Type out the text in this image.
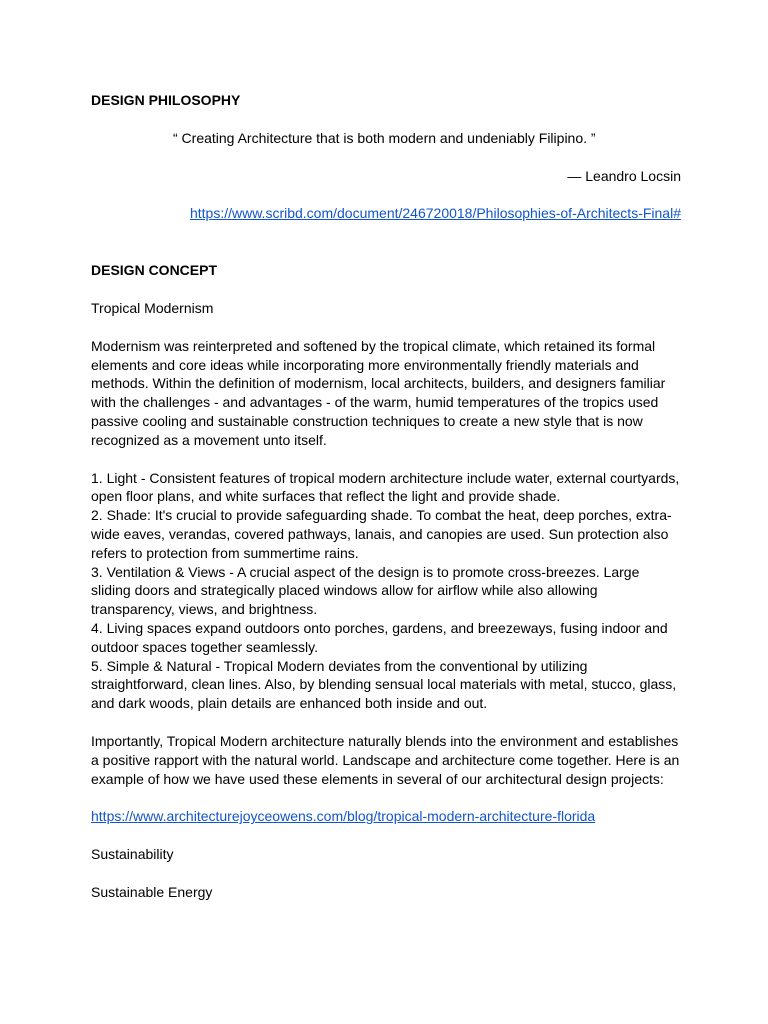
DESIGN PHILOSOPHY

“ Creating Architecture that is both modern and undeniably Filipino. ”

— Leandro Locsin

https://www.scribd.com/document/246720018/Philosophies-of-Architects-Final#

DESIGN CONCEPT

Tropical Modernism

Modernism was reinterpreted and softened by the tropical climate, which retained its formal elements and core ideas while incorporating more environmentally friendly materials and methods. Within the definition of modernism, local architects, builders, and designers familiar with the challenges - and advantages - of the warm, humid temperatures of the tropics used passive cooling and sustainable construction techniques to create a new style that is now recognized as a movement unto itself.

1. Light - Consistent features of tropical modern architecture include water, external courtyards, open floor plans, and white surfaces that reflect the light and provide shade.

2. Shade: It's crucial to provide safeguarding shade. To combat the heat, deep porches, extra-wide eaves, verandas, covered pathways, lanais, and canopies are used. Sun protection also refers to protection from summertime rains.

3. Ventilation & Views - A crucial aspect of the design is to promote cross-breezes. Large sliding doors and strategically placed windows allow for airflow while also allowing transparency, views, and brightness.

4. Living spaces expand outdoors onto porches, gardens, and breezeways, fusing indoor and outdoor spaces together seamlessly.

5. Simple & Natural - Tropical Modern deviates from the conventional by utilizing straightforward, clean lines. Also, by blending sensual local materials with metal, stucco, glass, and dark woods, plain details are enhanced both inside and out.

Importantly, Tropical Modern architecture naturally blends into the environment and establishes a positive rapport with the natural world. Landscape and architecture come together. Here is an example of how we have used these elements in several of our architectural design projects:

https://www.architecturejoyceowens.com/blog/tropical-modern-architecture-florida

Sustainability

Sustainable Energy
